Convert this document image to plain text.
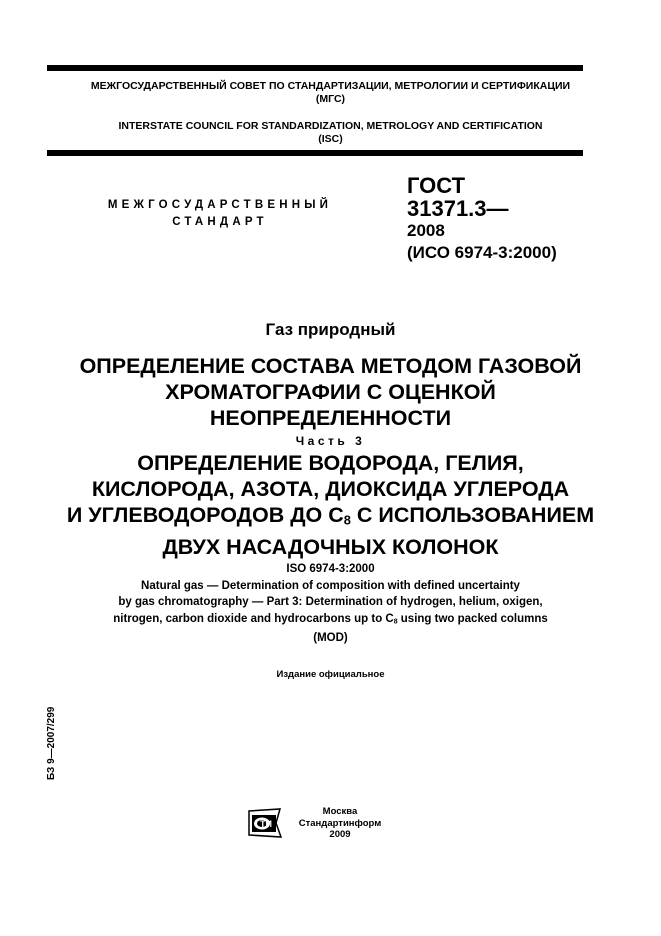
МЕЖГОСУДАРСТВЕННЫЙ СОВЕТ ПО СТАНДАРТИЗАЦИИ, МЕТРОЛОГИИ И СЕРТИФИКАЦИИ
(МГС)
INTERSTATE COUNCIL FOR STANDARDIZATION, METROLOGY AND CERTIFICATION
(ISC)
МЕЖГОСУДАРСТВЕННЫЙ
СТАНДАРТ
ГОСТ
31371.3—
2008
(ИСО 6974-3:2000)
Газ природный
ОПРЕДЕЛЕНИЕ СОСТАВА МЕТОДОМ ГАЗОВОЙ
ХРОМАТОГРАФИИ С ОЦЕНКОЙ
НЕОПРЕДЕЛЕННОСТИ
Часть 3
ОПРЕДЕЛЕНИЕ ВОДОРОДА, ГЕЛИЯ,
КИСЛОРОДА, АЗОТА, ДИОКСИДА УГЛЕРОДА
И УГЛЕВОДОРОДОВ ДО $C_8$ С ИСПОЛЬЗОВАНИЕМ
ДВУХ НАСАДОЧНЫХ КОЛОНОК
ISO 6974-3:2000
Natural gas — Determination of composition with defined uncertainty
by gas chromatography — Part 3: Determination of hydrogen, helium, oxigen,
nitrogen, carbon dioxide and hydrocarbons up to $C_8$ using two packed columns
(MOD)
Издание официальное
БЗ 9—2007/299
ТИ
Москва
Стандартинформ
2009
